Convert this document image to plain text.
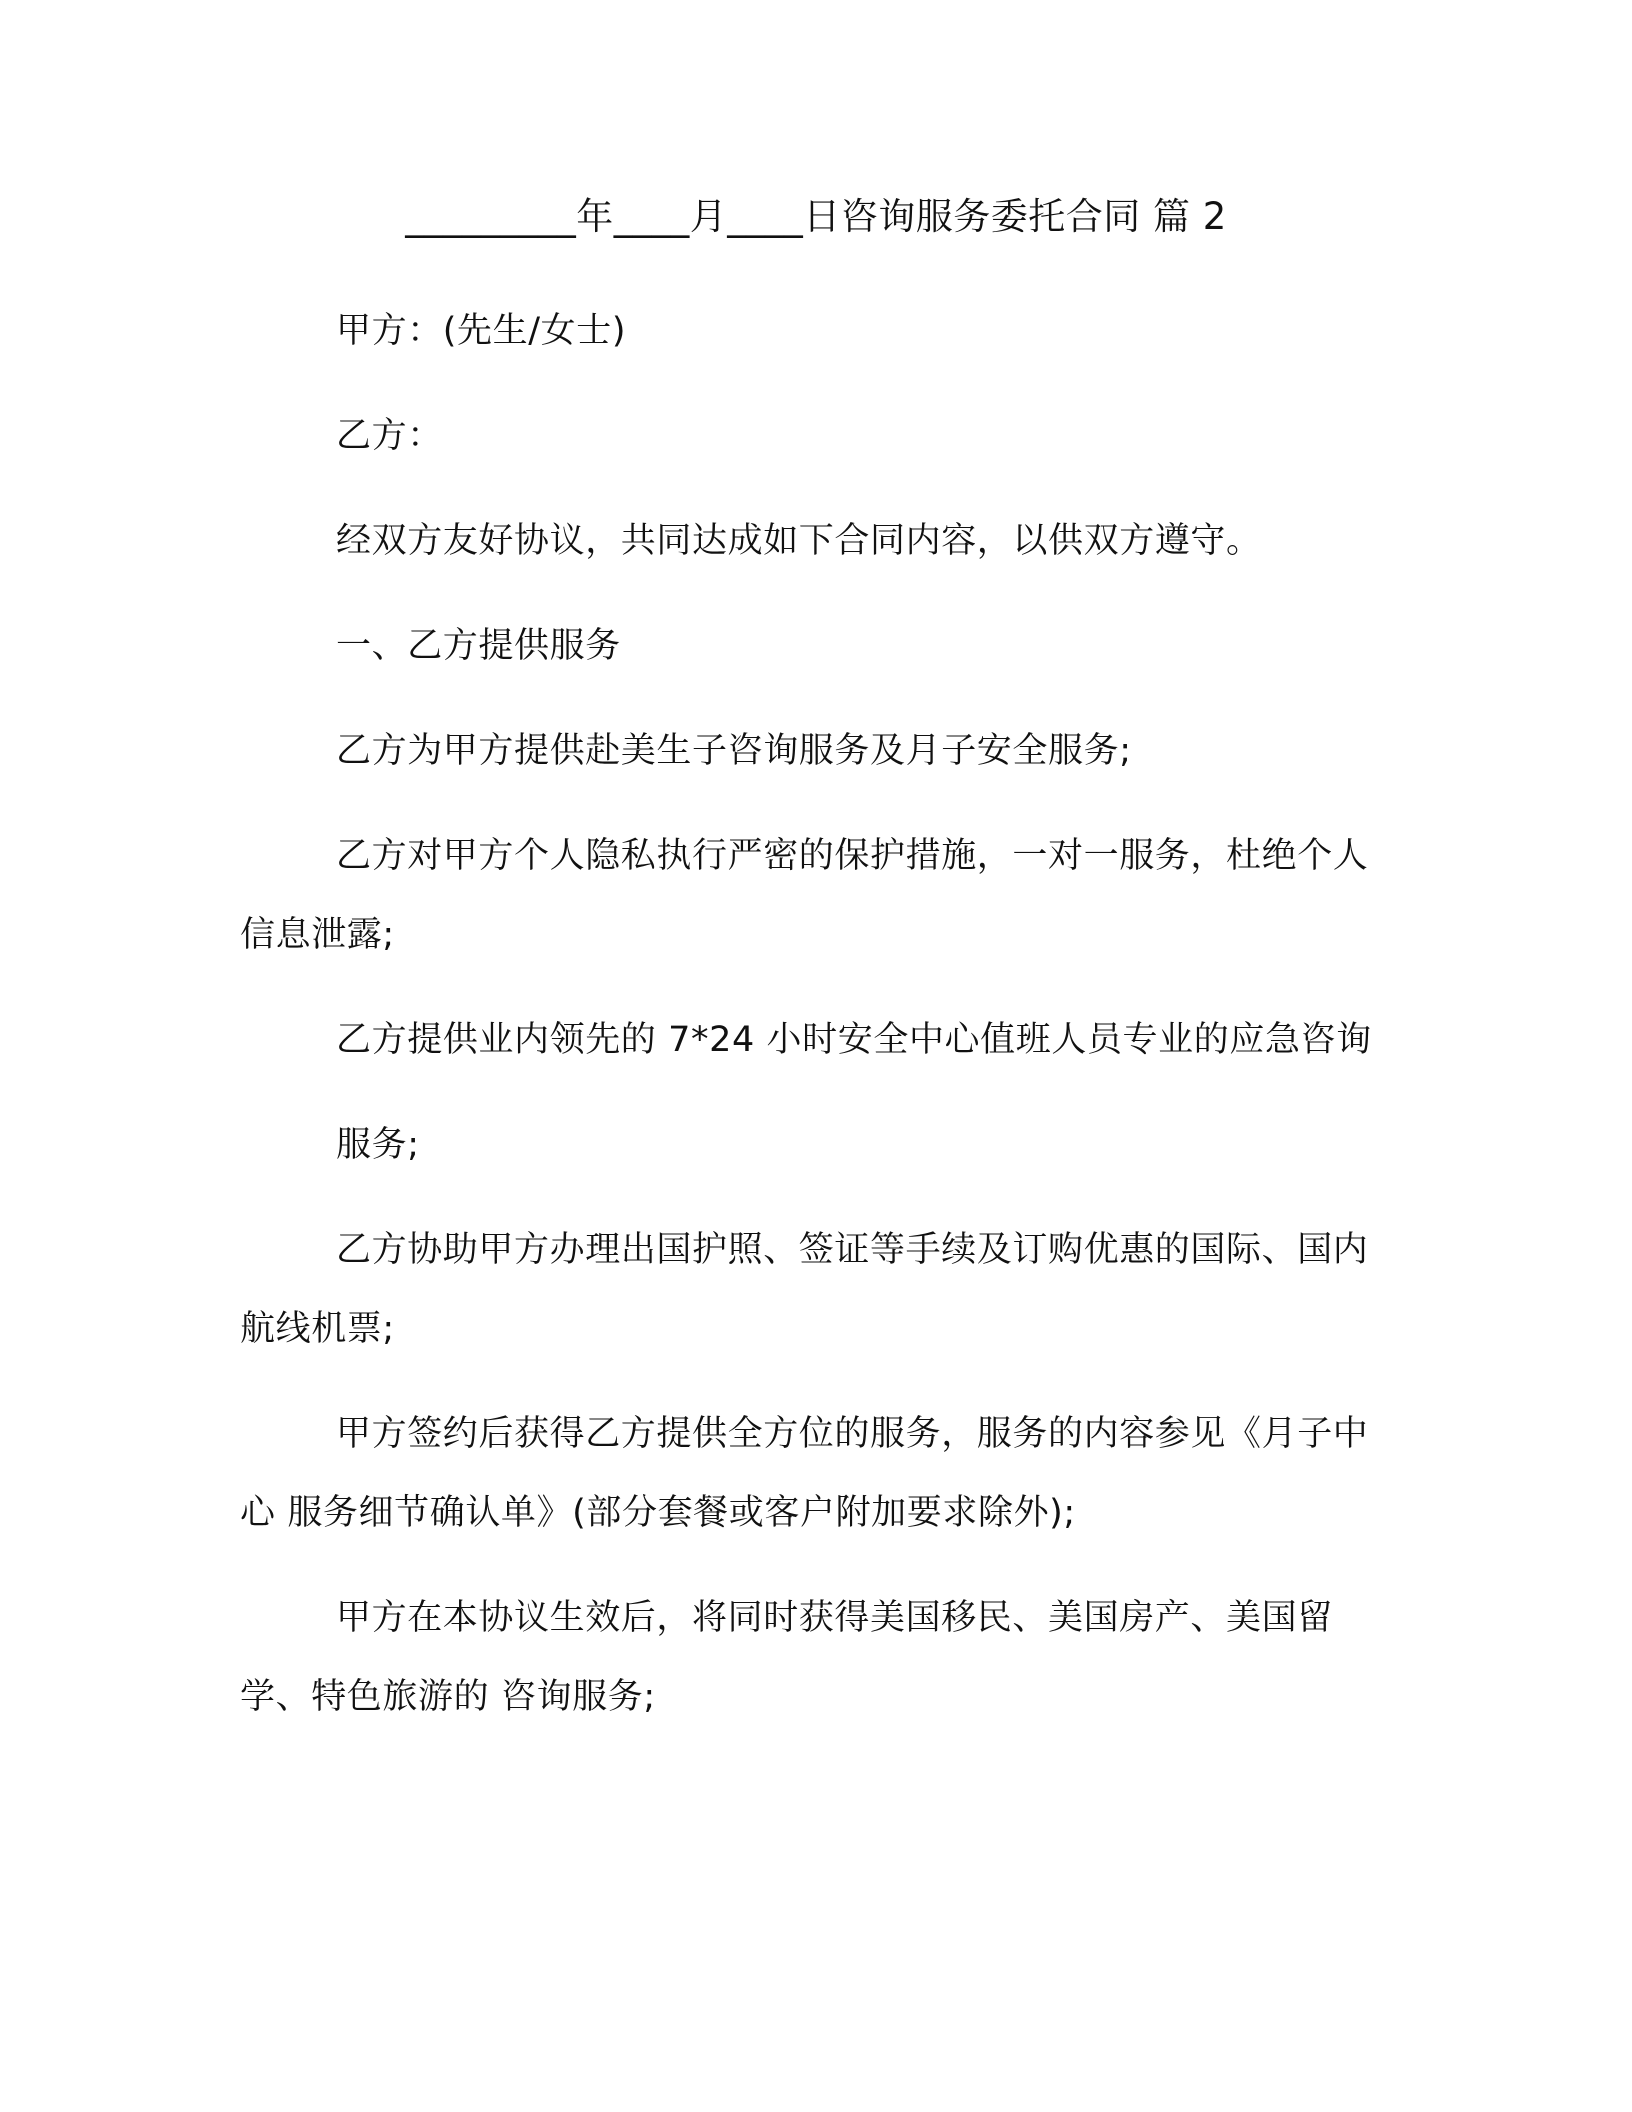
_________年____月____日咨询服务委托合同 篇 2

甲方：(先生/女士)

乙方：

经双方友好协议，共同达成如下合同内容，以供双方遵守。

一、乙方提供服务

乙方为甲方提供赴美生子咨询服务及月子安全服务;

乙方对甲方个人隐私执行严密的保护措施，一对一服务，杜绝个人信息泄露;

乙方提供业内领先的 7*24 小时安全中心值班人员专业的应急咨询

服务;

乙方协助甲方办理出国护照、签证等手续及订购优惠的国际、国内航线机票;

甲方签约后获得乙方提供全方位的服务，服务的内容参见《月子中心 服务细节确认单》(部分套餐或客户附加要求除外);

甲方在本协议生效后，将同时获得美国移民、美国房产、美国留学、特色旅游的 咨询服务;
